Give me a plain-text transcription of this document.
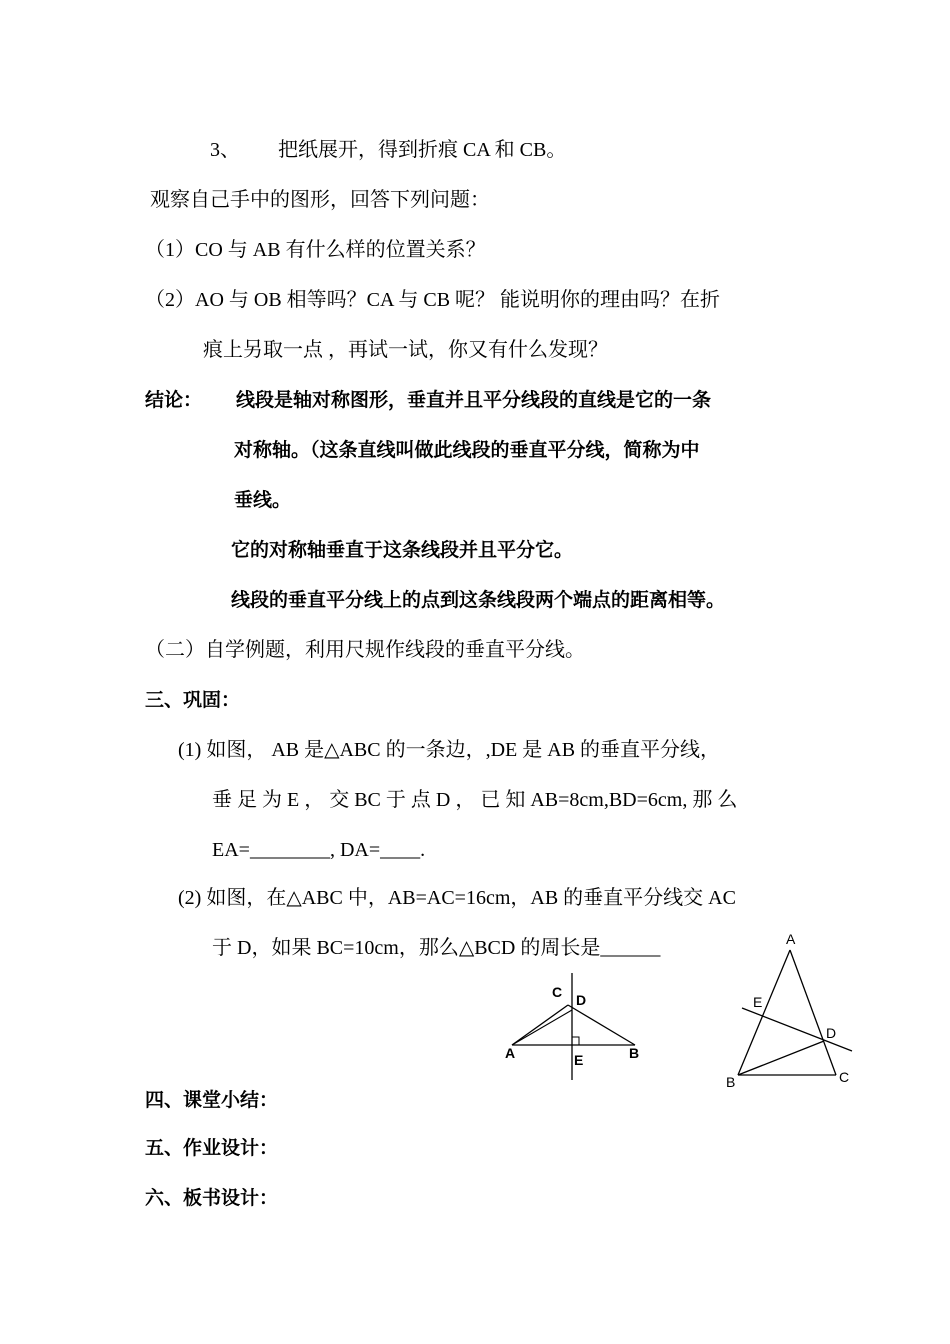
3、 把纸展开，得到折痕 CA 和 CB。
观察自己手中的图形，回答下列问题：
（1）CO 与 AB 有什么样的位置关系？
（2）AO 与 OB 相等吗？CA 与 CB 呢？ 能说明你的理由吗？在折
痕上另取一点 ，再试一试，你又有什么发现？
结论： 线段是轴对称图形，垂直并且平分线段的直线是它的一条
对称轴。（这条直线叫做此线段的垂直平分线，简称为中
垂线。
它的对称轴垂直于这条线段并且平分它。
线段的垂直平分线上的点到这条线段两个端点的距离相等。
（二）自学例题，利用尺规作线段的垂直平分线。
三、巩固：
(1) 如图， AB 是△ABC 的一条边，,DE 是 AB 的垂直平分线，
垂 足 为 E ， 交 BC 于 点 D ， 已 知 AB=8cm,BD=6cm, 那 么
EA=________, DA=____.
(2) 如图，在△ABC 中，AB=AC=16cm，AB 的垂直平分线交 AC
于 D，如果 BC=10cm，那么△BCD 的周长是______
A	B
C D
E
A
B	C
D
E
四、课堂小结：
五、作业设计：
六、板书设计：
